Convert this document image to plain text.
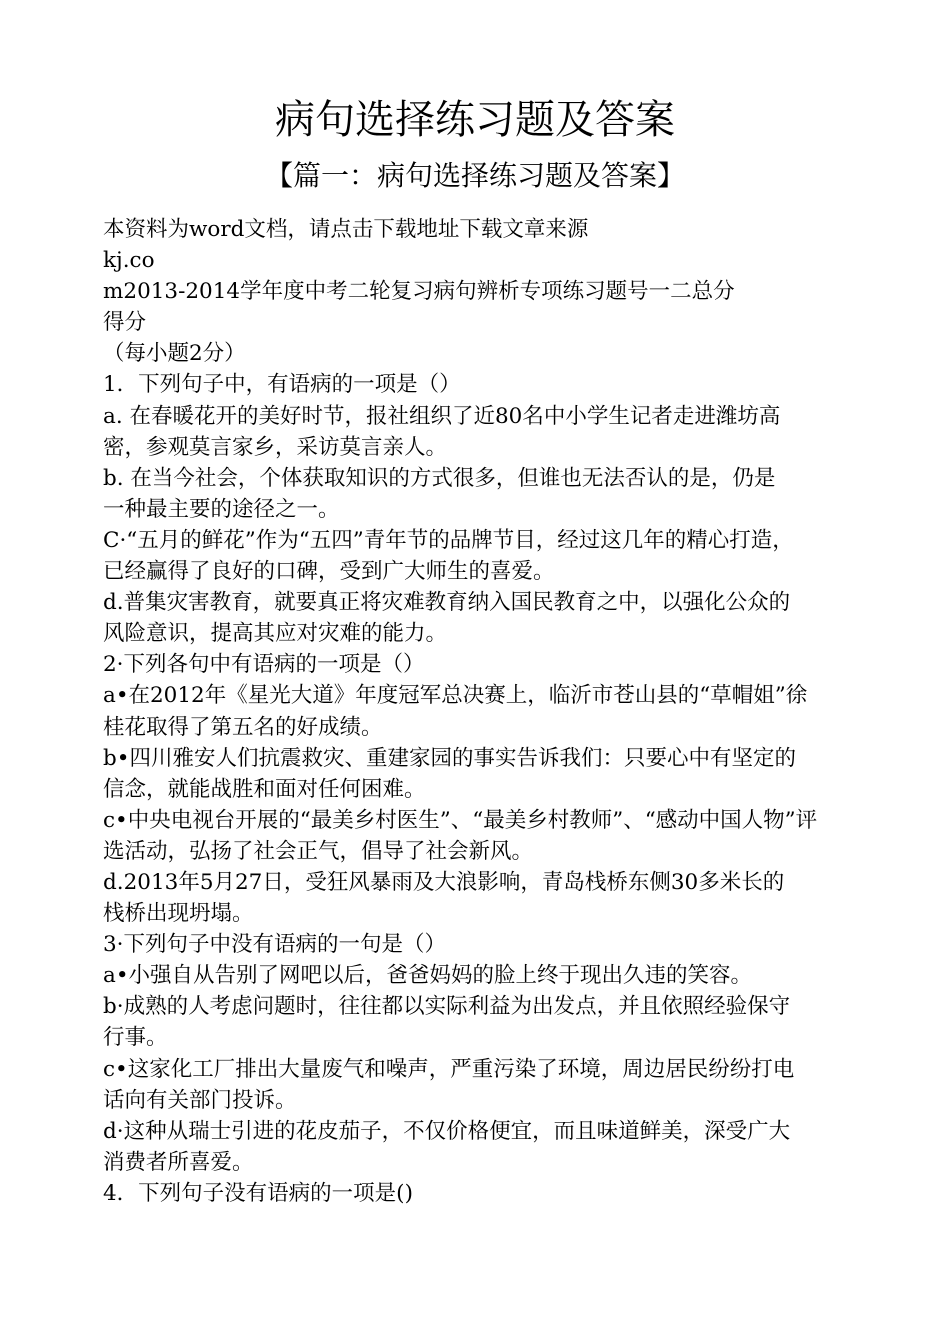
病句选择练习题及答案
【篇一：病句选择练习题及答案】
本资料为word文档，请点击下载地址下载文章来源
kj.co
m2013-2014学年度中考二轮复习病句辨析专项练习题号一二总分
得分
（每小题2分）
1．下列句子中，有语病的一项是（）
a. 在春暖花开的美好时节，报社组织了近80名中小学生记者走进潍坊高
密，参观莫言家乡，采访莫言亲人。
b. 在当今社会，个体获取知识的方式很多，但谁也无法否认的是，仍是
一种最主要的途径之一。
C·“五月的鲜花”作为“五四”青年节的品牌节目，经过这几年的精心打造，
已经赢得了良好的口碑，受到广大师生的喜爱。
d.普集灾害教育，就要真正将灾难教育纳入国民教育之中，以强化公众的
风险意识，提高其应对灾难的能力。
2·下列各句中有语病的一项是（）
a•在2012年《星光大道》年度冠军总决赛上，临沂市苍山县的“草帽姐”徐
桂花取得了第五名的好成绩。
b•四川雅安人们抗震救灾、重建家园的事实告诉我们：只要心中有坚定的
信念，就能战胜和面对任何困难。
c•中央电视台开展的“最美乡村医生”、“最美乡村教师”、“感动中国人物”评
选活动，弘扬了社会正气，倡导了社会新风。
d.2013年5月27日，受狂风暴雨及大浪影响，青岛栈桥东侧30多米长的
栈桥出现坍塌。
3·下列句子中没有语病的一句是（）
a•小强自从告别了网吧以后，爸爸妈妈的脸上终于现出久违的笑容。
b·成熟的人考虑问题时，往往都以实际利益为出发点，并且依照经验保守
行事。
c•这家化工厂排出大量废气和噪声，严重污染了环境，周边居民纷纷打电
话向有关部门投诉。
d·这种从瑞士引进的花皮茄子，不仅价格便宜，而且味道鲜美，深受广大
消费者所喜爱。
4．下列句子没有语病的一项是()
